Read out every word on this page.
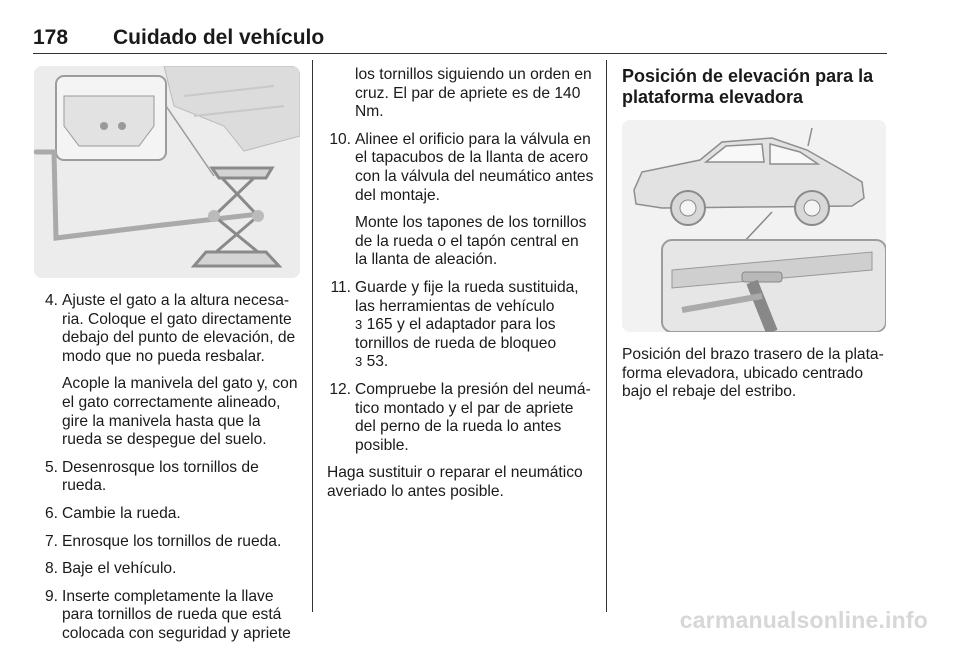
178 Cuidado del vehículo
4. Ajuste el gato a la altura necesa-ria. Coloque el gato directamente debajo del punto de elevación, de modo que no pueda resbalar.

Acople la manivela del gato y, con el gato correctamente alineado, gire la manivela hasta que la rueda se despegue del suelo.

5. Desenrosque los tornillos de rueda.

6. Cambie la rueda.

7. Enrosque los tornillos de rueda.

8. Baje el vehículo.

9. Inserte completamente la llave para tornillos de rueda que está colocada con seguridad y apriete

los tornillos siguiendo un orden en cruz. El par de apriete es de 140 Nm.

10. Alinee el orificio para la válvula en el tapacubos de la llanta de acero con la válvula del neumático antes del montaje.

Monte los tapones de los tornillos de la rueda o el tapón central en la llanta de aleación.

11. Guarde y fije la rueda sustituida, las herramientas de vehículo
3 165 y el adaptador para los tornillos de rueda de bloqueo
3 53.

12. Compruebe la presión del neumá-tico montado y el par de apriete del perno de la rueda lo antes posible.

Haga sustituir o reparar el neumático averiado lo antes posible.

Posición de elevación para la plataforma elevadora

Posición del brazo trasero de la plata-forma elevadora, ubicado centrado bajo el rebaje del estribo.

carmanualsonline.info
